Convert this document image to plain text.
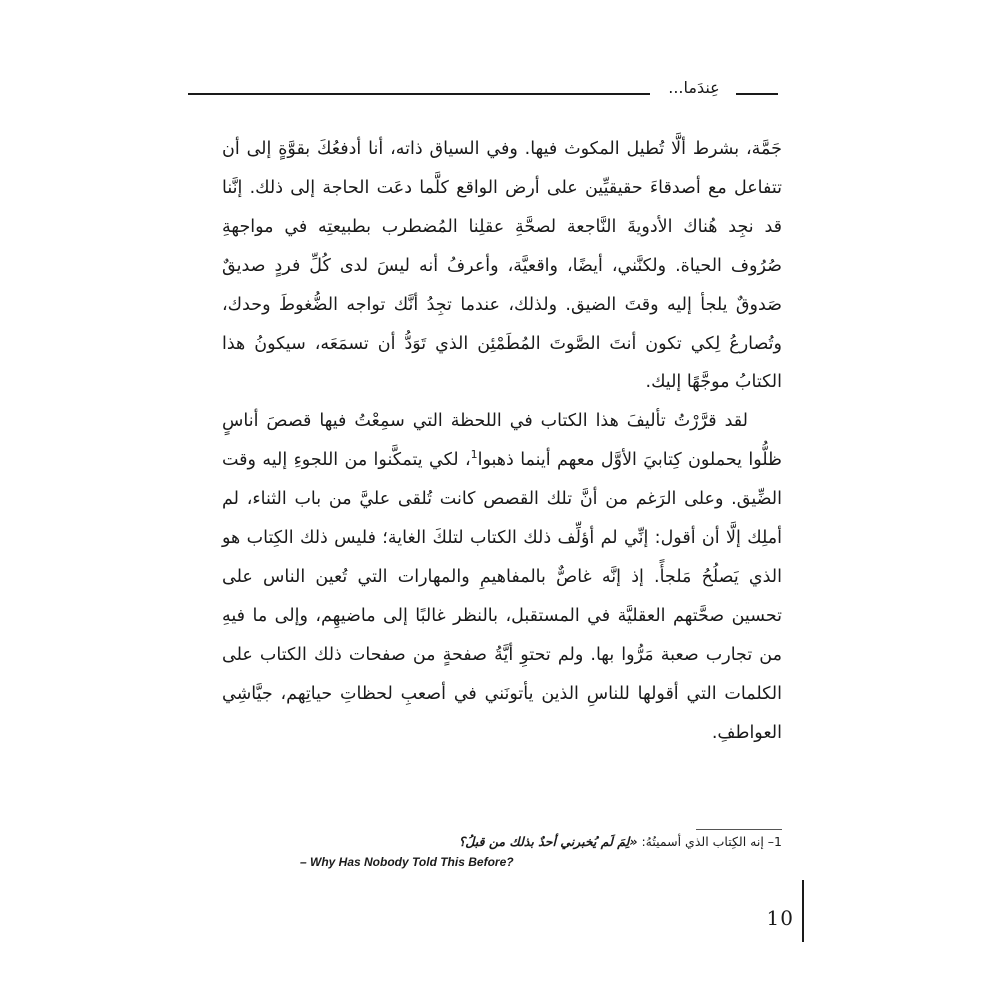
عِندَما...

جَمَّة، بشرط ألَّا تُطيل المكوث فيها. وفي السياق ذاته، أنا أدفعُكَ بقوَّةٍ إلى أن تتفاعل مع أصدقاءَ حقيقيِّين على أرض الواقع كلَّما دعَت الحاجة إلى ذلك. إنَّنا قد نجِد هُناك الأدويةَ النَّاجعة لصحَّةِ عقلِنا المُضطرب بطبيعتِه في مواجهةِ صُرُوف الحياة. ولكنَّني، أيضًا، واقعيَّة، وأعرفُ أنه ليسَ لدى كُلِّ فردٍ صديقٌ صَدوقٌ يلجأ إليه وقتَ الضيق. ولذلك، عندما تجِدُ أنَّك تواجه الضُّغوطَ وحدك، وتُصارعُ لِكي تكون أنتَ الصَّوتَ المُطَمْئِن الذي تَوَدُّ أن تسمَعَه، سيكونُ هذا الكتابُ موجَّهًا إليك.

لقد قرَّرْتُ تأليفَ هذا الكتاب في اللحظة التي سمِعْتُ فيها قصصَ أناسٍ ظلُّوا يحملون كِتابيَ الأوَّل معهم أينما ذهبوا$^1$، لكي يتمكَّنوا من اللجوءِ إليه وقت الضِّيق. وعلى الرَغم من أنَّ تلك القصص كانت تُلقى عليَّ من باب الثناء، لم أملِك إلَّا أن أقول: إنِّي لم أؤلِّف ذلك الكتاب لتلكَ الغاية؛ فليس ذلك الكِتاب هو الذي يَصلُحُ مَلجأً. إذ إنَّه غاصٌّ بالمفاهيمِ والمهارات التي تُعين الناس على تحسين صحَّتهم العقليَّة في المستقبل، بالنظر غالبًا إلى ماضيهِم، وإلى ما فيهِ من تجارب صعبة مَرُّوا بها. ولم تحتوِ أيَّةُ صفحةٍ من صفحات ذلك الكتاب على الكلمات التي أقولها للناسِ الذين يأتونَني في أصعبِ لحظاتِ حياتِهم، جيَّاشِي العواطفِ.

1– إنه الكِتاب الذي أسميتُهُ: «لِمَ لَم يُخبرني أحدٌ بذلك من قبلُ؟
– Why Has Nobody Told This Before?
10
